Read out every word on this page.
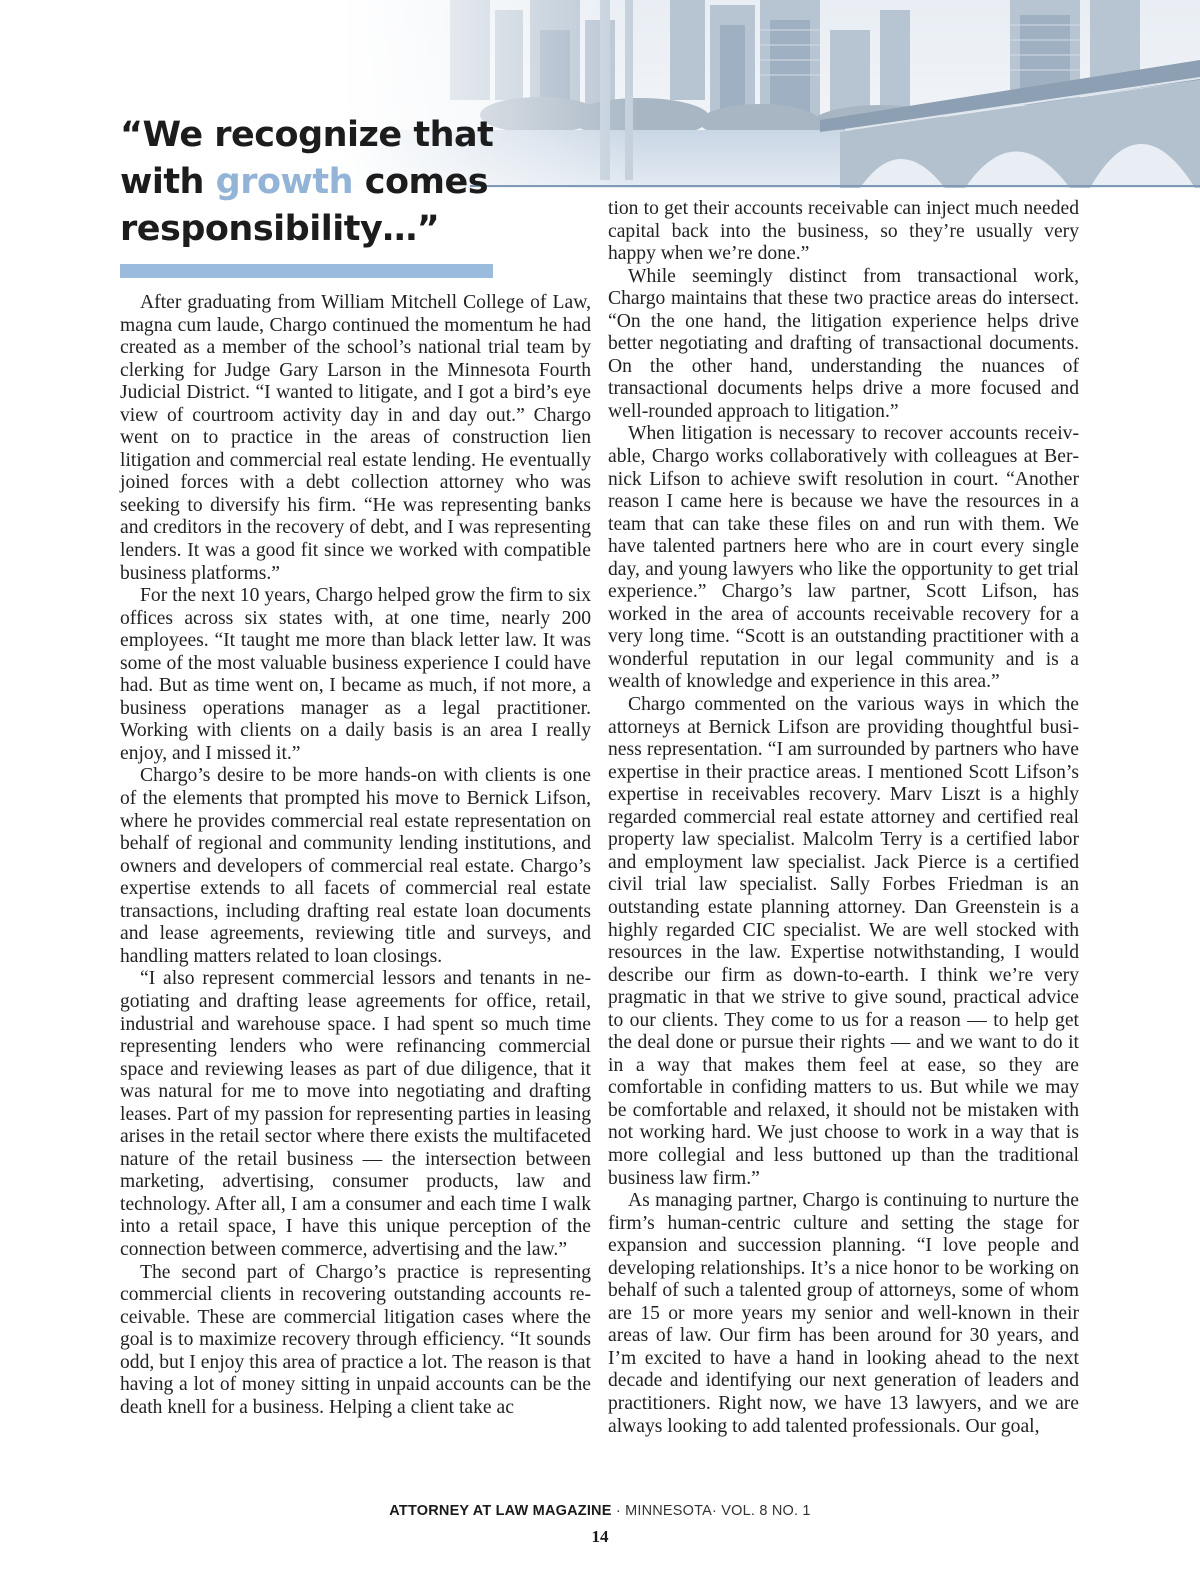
“We recognize that
with growth comes
responsibility…”

After graduating from William Mitchell College of Law, magna cum laude, Chargo continued the momentum he had created as a member of the school’s national trial team by clerking for Judge Gary Larson in the Minnesota Fourth Judicial District. “I wanted to litigate, and I got a bird’s eye view of courtroom activity day in and day out.” Chargo went on to practice in the areas of construction lien litigation and commercial real estate lending. He eventually joined forces with a debt collection attorney who was seeking to diversify his firm. “He was representing banks and creditors in the recovery of debt, and I was representing lenders. It was a good fit since we worked with compatible business platforms.”

For the next 10 years, Chargo helped grow the firm to six offices across six states with, at one time, nearly 200 employees. “It taught me more than black letter law. It was some of the most valuable business experience I could have had. But as time went on, I became as much, if not more, a business operations manager as a legal practitioner. Working with clients on a daily basis is an area I really enjoy, and I missed it.”

Chargo’s desire to be more hands-on with clients is one of the elements that prompted his move to Bernick Lifson, where he provides commercial real estate representation on behalf of regional and community lending institutions, and owners and developers of commercial real estate. Chargo’s expertise extends to all facets of commercial real estate transactions, including drafting real estate loan documents and lease agreements, reviewing title and surveys, and handling matters related to loan closings.

“I also represent commercial lessors and tenants in negotiating and drafting lease agreements for office, retail, industrial and warehouse space. I had spent so much time representing lenders who were refinancing commercial space and reviewing leases as part of due diligence, that it was natural for me to move into negotiating and drafting leases. Part of my passion for representing parties in leasing arises in the retail sector where there exists the multifaceted nature of the retail business — the intersection between marketing, advertising, consumer products, law and technology. After all, I am a consumer and each time I walk into a retail space, I have this unique perception of the connection between commerce, advertising and the law.”

The second part of Chargo’s practice is representing commercial clients in recovering outstanding accounts receivable. These are commercial litigation cases where the goal is to maximize recovery through efficiency. “It sounds odd, but I enjoy this area of practice a lot. The reason is that having a lot of money sitting in unpaid accounts can be the death knell for a business. Helping a client take ac

tion to get their accounts receivable can inject much needed capital back into the business, so they’re usually very happy when we’re done.”

While seemingly distinct from transactional work, Chargo maintains that these two practice areas do intersect. “On the one hand, the litigation experience helps drive better negotiating and drafting of transactional documents. On the other hand, understanding the nuances of transactional documents helps drive a more focused and well-rounded approach to litigation.”

When litigation is necessary to recover accounts receivable, Chargo works collaboratively with colleagues at Bernick Lifson to achieve swift resolution in court. “Another reason I came here is because we have the resources in a team that can take these files on and run with them. We have talented partners here who are in court every single day, and young lawyers who like the opportunity to get trial experience.” Chargo’s law partner, Scott Lifson, has worked in the area of accounts receivable recovery for a very long time. “Scott is an outstanding practitioner with a wonderful reputation in our legal community and is a wealth of knowledge and experience in this area.”

Chargo commented on the various ways in which the attorneys at Bernick Lifson are providing thoughtful business representation. “I am surrounded by partners who have expertise in their practice areas. I mentioned Scott Lifson’s expertise in receivables recovery. Marv Liszt is a highly regarded commercial real estate attorney and certified real property law specialist. Malcolm Terry is a certified labor and employment law specialist. Jack Pierce is a certified civil trial law specialist. Sally Forbes Friedman is an outstanding estate planning attorney. Dan Greenstein is a highly regarded CIC specialist. We are well stocked with resources in the law. Expertise notwithstanding, I would describe our firm as down-to-earth. I think we’re very pragmatic in that we strive to give sound, practical advice to our clients. They come to us for a reason — to help get the deal done or pursue their rights — and we want to do it in a way that makes them feel at ease, so they are comfortable in confiding matters to us. But while we may be comfortable and relaxed, it should not be mistaken with not working hard. We just choose to work in a way that is more collegial and less buttoned up than the traditional business law firm.”

As managing partner, Chargo is continuing to nurture the firm’s human-centric culture and setting the stage for expansion and succession planning. “I love people and developing relationships. It’s a nice honor to be working on behalf of such a talented group of attorneys, some of whom are 15 or more years my senior and well-known in their areas of law. Our firm has been around for 30 years, and I’m excited to have a hand in looking ahead to the next decade and identifying our next generation of leaders and practitioners. Right now, we have 13 lawyers, and we are always looking to add talented professionals. Our goal,

ATTORNEY AT LAW MAGAZINE · MINNESOTA· VOL. 8 NO. 1
14
